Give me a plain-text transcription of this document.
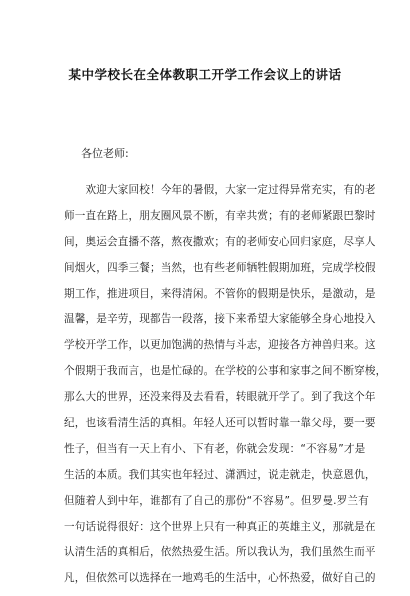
某中学校长在全体教职工开学工作会议上的讲话
各位老师:
　　欢迎大家回校！今年的暑假，大家一定过得异常充实，有的老
师一直在路上，朋友圈风景不断，有幸共赏；有的老师紧跟巴黎时
间，奥运会直播不落，熬夜撒欢；有的老师安心回归家庭，尽享人
间烟火，四季三餐；当然，也有些老师牺牲假期加班，完成学校假
期工作，推进项目，来得清闲。不管你的假期是快乐，是激动，是
温馨，是辛劳，现都告一段落，接下来希望大家能够全身心地投入
学校开学工作，以更加饱满的热情与斗志，迎接各方神兽归来。这
个假期于我而言，也是忙碌的。在学校的公事和家事之间不断穿梭，
那么大的世界，还没来得及去看看，转眼就开学了。到了我这个年
纪，也该看清生活的真相。年轻人还可以暂时靠一靠父母，要一要
性子，但当有一天上有小、下有老，你就会发现：“不容易”才是
生活的本质。我们其实也年轻过、潇洒过，说走就走，快意恩仇，
但随着人到中年，谁都有了自己的那份“不容易”。但罗曼.罗兰有
一句话说得很好：这个世界上只有一种真正的英雄主义，那就是在
认清生活的真相后，依然热爱生活。所以我认为，我们虽然生而平
凡，但依然可以选择在一地鸡毛的生活中，心怀热爱，做好自己的
